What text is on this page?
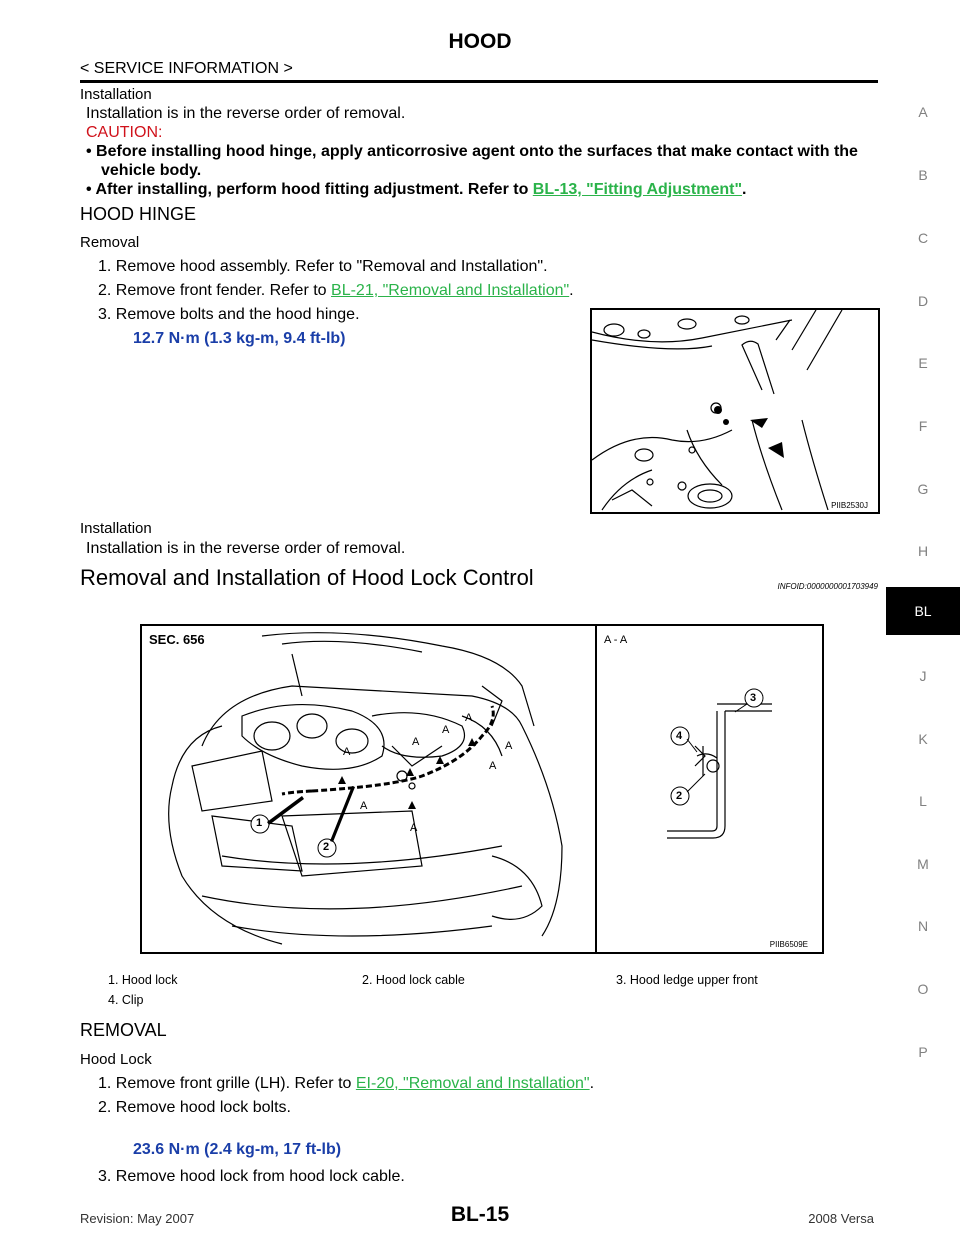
HOOD
< SERVICE INFORMATION >
Installation
Installation is in the reverse order of removal.
CAUTION:
• Before installing hood hinge, apply anticorrosive agent onto the surfaces that make contact with the
vehicle body.
• After installing, perform hood fitting adjustment. Refer to BL-13, "Fitting Adjustment".
HOOD HINGE
Removal
1. Remove hood assembly. Refer to "Removal and Installation".
2. Remove front fender. Refer to BL-21, "Removal and Installation".
3. Remove bolts and the hood hinge.
12.7 N·m (1.3 kg-m, 9.4 ft-lb)
PIIB2530J
Installation
Installation is in the reverse order of removal.
Removal and Installation of Hood Lock Control	INFOID:0000000001703949
SEC. 656	A - A
A
A
A
A
A
A
A
A
1
2
3
4
2
PIIB6509E
1. Hood lock	2. Hood lock cable	3. Hood ledge upper front
4. Clip
REMOVAL
Hood Lock
1. Remove front grille (LH). Refer to EI-20, "Removal and Installation".
2. Remove hood lock bolts.
23.6 N·m (2.4 kg-m, 17 ft-lb)
3. Remove hood lock from hood lock cable.
A
B
C
D
E
F
G
H
BL
J
K
L
M
N
O
P
Revision: May 2007	BL-15	2008 Versa
